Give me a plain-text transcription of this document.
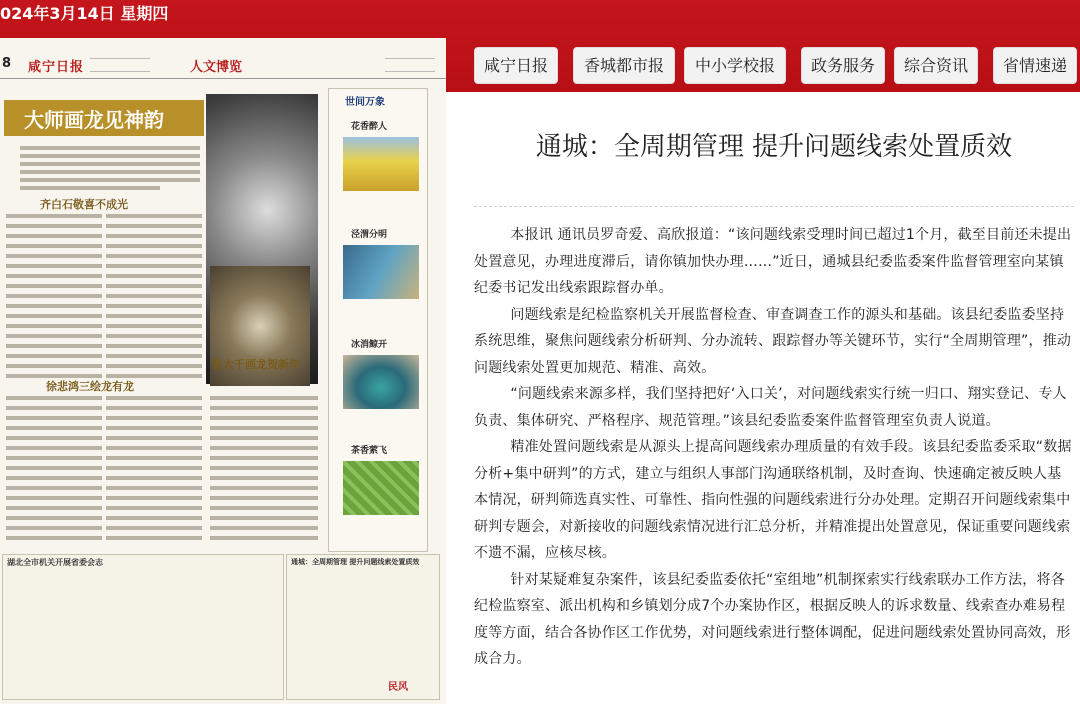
024年3月14日 星期四
8 咸宁日报	人文博览
大师画龙见神韵
齐白石敬喜不成光
徐悲鸿三绘龙有龙
张大千画龙贺新年
世间万象
花香醉人
泾渭分明
冰消鲸开
茶香萦飞
湖北全市机关开展省委会志	通城：全周期管理 提升问题线索处置质效
民风
咸宁日报	香城都市报	中小学校报	政务服务	综合资讯	省情速递
通城：全周期管理 提升问题线索处置质效

本报讯 通讯员罗奇爱、高欣报道：“该问题线索受理时间已超过1个月，截至目前还未提出处置意见，办理进度滞后，请你镇加快办理……”近日，通城县纪委监委案件监督管理室向某镇纪委书记发出线索跟踪督办单。

问题线索是纪检监察机关开展监督检查、审查调查工作的源头和基础。该县纪委监委坚持系统思维，聚焦问题线索分析研判、分办流转、跟踪督办等关键环节，实行“全周期管理”，推动问题线索处置更加规范、精准、高效。

“问题线索来源多样，我们坚持把好‘入口关’，对问题线索实行统一归口、翔实登记、专人负责、集体研究、严格程序、规范管理。”该县纪委监委案件监督管理室负责人说道。

精准处置问题线索是从源头上提高问题线索办理质量的有效手段。该县纪委监委采取“数据分析+集中研判”的方式，建立与组织人事部门沟通联络机制，及时查询、快速确定被反映人基本情况，研判筛选真实性、可靠性、指向性强的问题线索进行分办处理。定期召开问题线索集中研判专题会，对新接收的问题线索情况进行汇总分析，并精准提出处置意见，保证重要问题线索不遗不漏，应核尽核。

针对某疑难复杂案件，该县纪委监委依托“室组地”机制探索实行线索联办工作方法，将各纪检监察室、派出机构和乡镇划分成7个办案协作区，根据反映人的诉求数量、线索查办难易程度等方面，结合各协作区工作优势，对问题线索进行整体调配，促进问题线索处置协同高效，形成合力。
